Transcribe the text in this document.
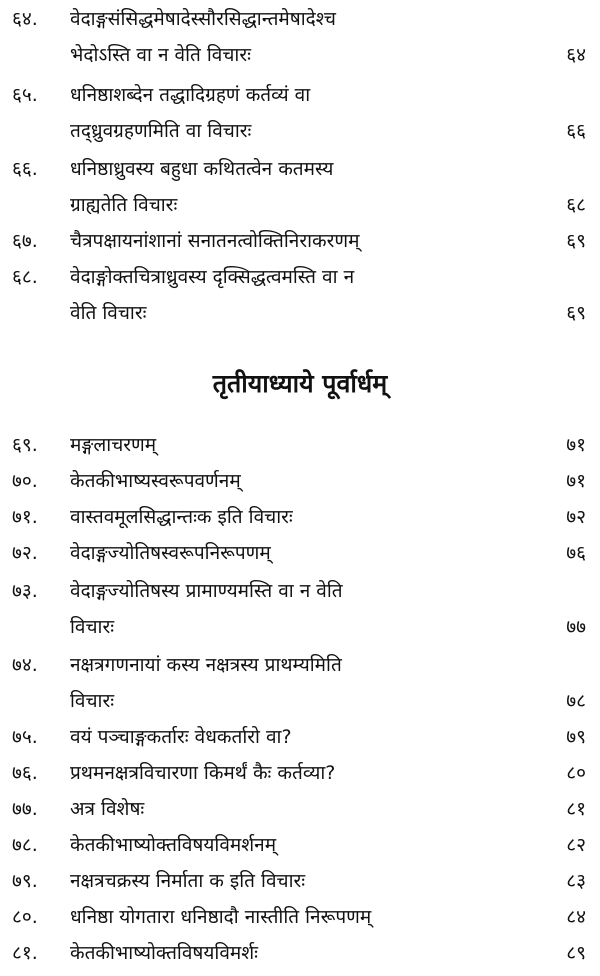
६४.	वेदाङ्गसंसिद्धमेषादेस्सौरसिद्धान्तमेषादेश्च
भेदोऽस्ति वा न वेति विचारः	६४
६५.	धनिष्ठाशब्देन तद्धादिग्रहणं कर्तव्यं वा
तद्ध्रुवग्रहणमिति वा विचारः	६६
६६.	धनिष्ठाध्रुवस्य बहुधा कथितत्वेन कतमस्य
ग्राह्यतेति विचारः	६८
६७.	चैत्रपक्षायनांशानां सनातनत्वोक्तिनिराकरणम्	६९
६८.	वेदाङ्गोक्तचित्राध्रुवस्य दृक्सिद्धत्वमस्ति वा न
वेति विचारः	६९
तृतीयाध्याये पूर्वार्धम्
६९.	मङ्गलाचरणम्	७१
७०.	केतकीभाष्यस्वरूपवर्णनम्	७१
७१.	वास्तवमूलसिद्धान्तःक इति विचारः	७२
७२.	वेदाङ्गज्योतिषस्वरूपनिरूपणम्	७६
७३.	वेदाङ्गज्योतिषस्य प्रामाण्यमस्ति वा न वेति
विचारः	७७
७४.	नक्षत्रगणनायां कस्य नक्षत्रस्य प्राथम्यमिति
विचारः	७८
७५.	वयं पञ्चाङ्गकर्तारः वेधकर्तारो वा?	७९
७६.	प्रथमनक्षत्रविचारणा किमर्थं कैः कर्तव्या?	८०
७७.	अत्र विशेषः	८१
७८.	केतकीभाष्योक्तविषयविमर्शनम्	८२
७९.	नक्षत्रचक्रस्य निर्माता क इति विचारः	८३
८०.	धनिष्ठा योगतारा धनिष्ठादौ नास्तीति निरूपणम्	८४
८१.	केतकीभाष्योक्तविषयविमर्शः	८९
